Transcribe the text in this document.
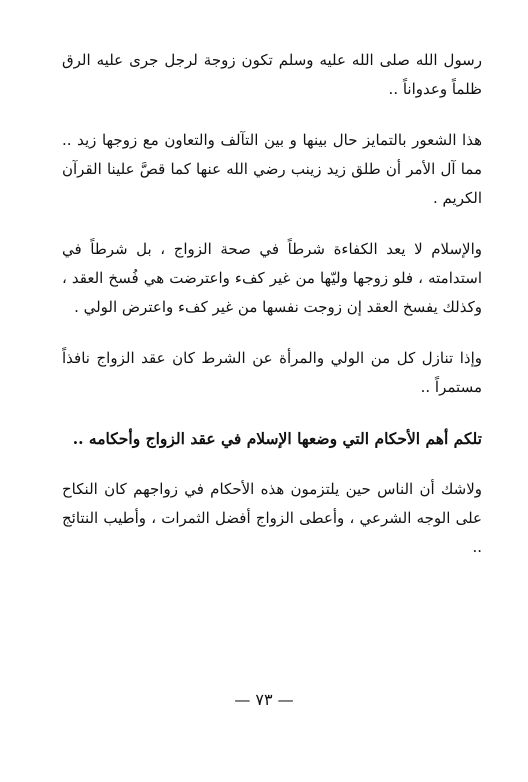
رسول الله صلى الله عليه وسلم تكون زوجة لرجل جرى عليه الرق ظلماً وعدواناً ..

هذا الشعور بالتمايز حال بينها و بين التآلف والتعاون مع زوجها زيد .. مما آل الأمر أن طلق زيد زينب رضي الله عنها كما قصَّ علينا القرآن الكريم .

والإسلام لا يعد الكفاءة شرطاً في صحة الزواج ، بل شرطاً في استدامته ، فلو زوجها وليّها من غير كفء واعترضت هي فُسخ العقد ، وكذلك يفسخ العقد إن زوجت نفسها من غير كفء واعترض الولي .

وإذا تنازل كل من الولي والمرأة عن الشرط كان عقد الزواج نافذاً مستمراً ..

تلكم أهم الأحكام التي وضعها الإسلام في عقد الزواج وأحكامه ..

ولاشك أن الناس حين يلتزمون هذه الأحكام في زواجهم كان النكاح على الوجه الشرعي ، وأعطى الزواج أفضل الثمرات ، وأطيب النتائج ..

— ٧٣ —
